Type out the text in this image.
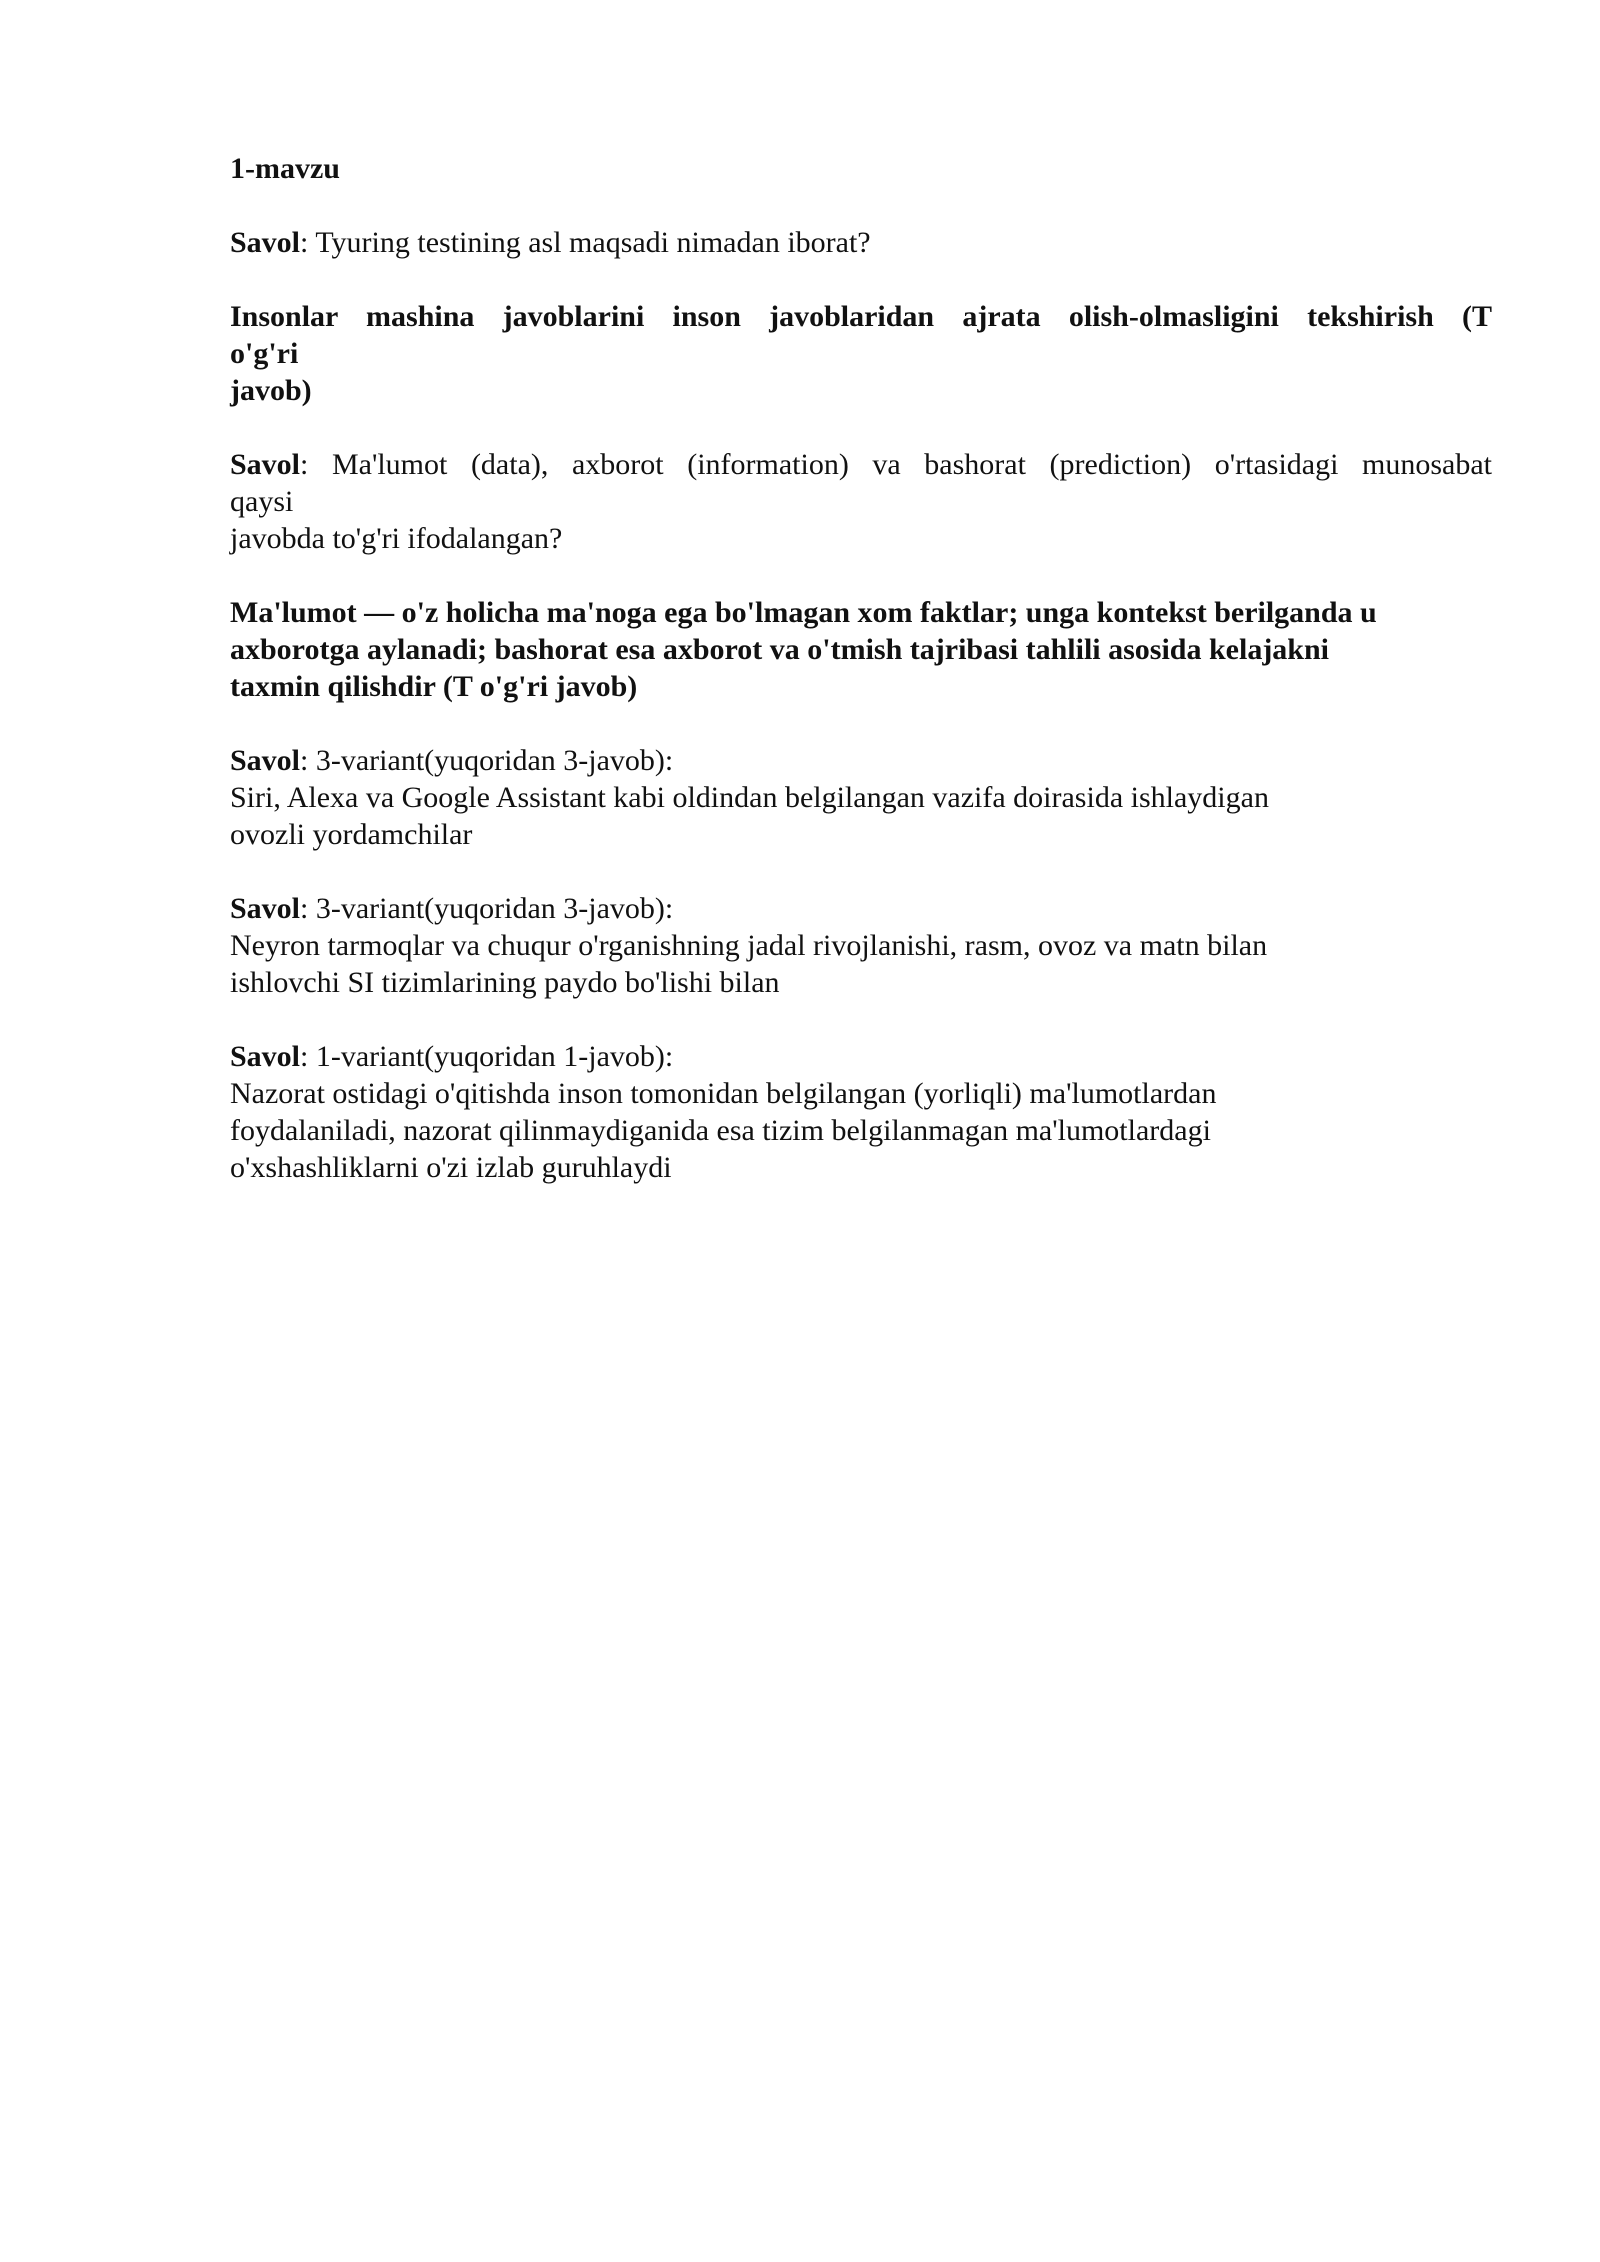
1-mavzu
Savol: Tyuring testining asl maqsadi nimadan iborat?
Insonlar mashina javoblarini inson javoblaridan ajrata olish-olmasligini tekshirish (T
o'g'ri
javob)
Savol: Ma'lumot (data), axborot (information) va bashorat (prediction) o'rtasidagi munosabat
qaysi
javobda to'g'ri ifodalangan?
Ma'lumot — o'z holicha ma'noga ega bo'lmagan xom faktlar; unga kontekst berilganda u
axborotga aylanadi; bashorat esa axborot va o'tmish tajribasi tahlili asosida kelajakni
taxmin qilishdir (T o'g'ri javob)
Savol: 3-variant(yuqoridan 3-javob):
Siri, Alexa va Google Assistant kabi oldindan belgilangan vazifa doirasida ishlaydigan
ovozli yordamchilar
Savol: 3-variant(yuqoridan 3-javob):
Neyron tarmoqlar va chuqur o'rganishning jadal rivojlanishi, rasm, ovoz va matn bilan
ishlovchi SI tizimlarining paydo bo'lishi bilan
Savol: 1-variant(yuqoridan 1-javob):
Nazorat ostidagi o'qitishda inson tomonidan belgilangan (yorliqli) ma'lumotlardan
foydalaniladi, nazorat qilinmaydiganida esa tizim belgilanmagan ma'lumotlardagi
o'xshashliklarni o'zi izlab guruhlaydi
